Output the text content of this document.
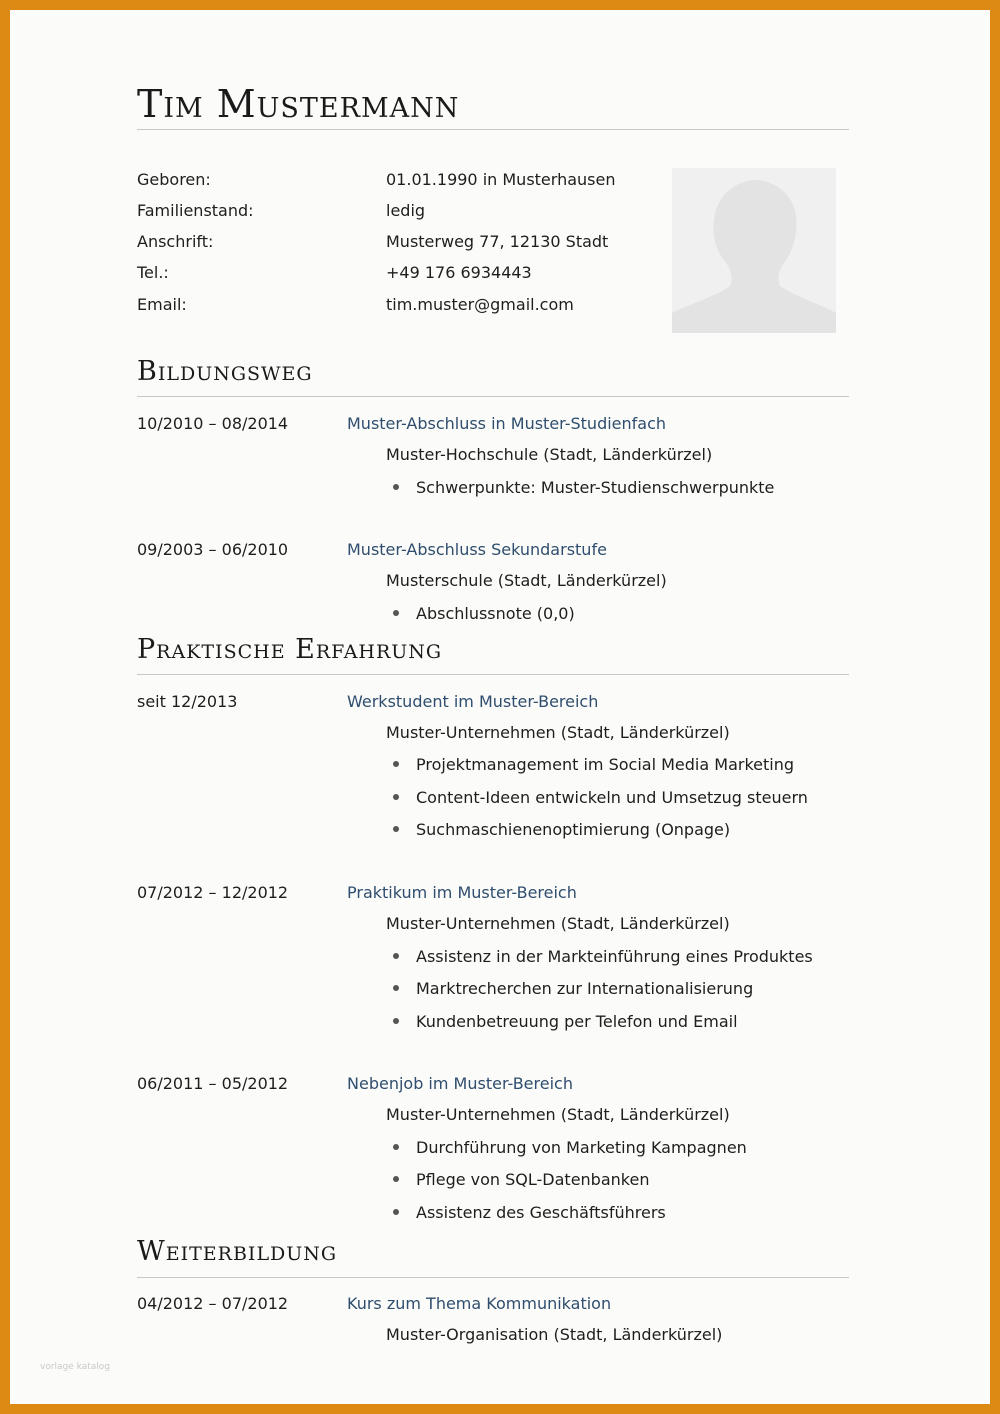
Tim Mustermann
Geboren:	01.01.1990 in Musterhausen
Familienstand:	ledig
Anschrift:	Musterweg 77, 12130 Stadt
Tel.:	+49 176 6934443
Email:	tim.muster@gmail.com
Bildungsweg
10/2010 – 08/2014	Muster-Abschluss in Muster-Studienfach
Muster-Hochschule (Stadt, Länderkürzel)
Schwerpunkte: Muster-Studienschwerpunkte
09/2003 – 06/2010	Muster-Abschluss Sekundarstufe
Musterschule (Stadt, Länderkürzel)
Abschlussnote (0,0)
Praktische Erfahrung
seit 12/2013	Werkstudent im Muster-Bereich
Muster-Unternehmen (Stadt, Länderkürzel)
Projektmanagement im Social Media Marketing
Content-Ideen entwickeln und Umsetzug steuern
Suchmaschienenoptimierung (Onpage)
07/2012 – 12/2012	Praktikum im Muster-Bereich
Muster-Unternehmen (Stadt, Länderkürzel)
Assistenz in der Markteinführung eines Produktes
Marktrecherchen zur Internationalisierung
Kundenbetreuung per Telefon und Email
06/2011 – 05/2012	Nebenjob im Muster-Bereich
Muster-Unternehmen (Stadt, Länderkürzel)
Durchführung von Marketing Kampagnen
Pflege von SQL-Datenbanken
Assistenz des Geschäftsführers
Weiterbildung
04/2012 – 07/2012	Kurs zum Thema Kommunikation
Muster-Organisation (Stadt, Länderkürzel)
vorlage katalog
